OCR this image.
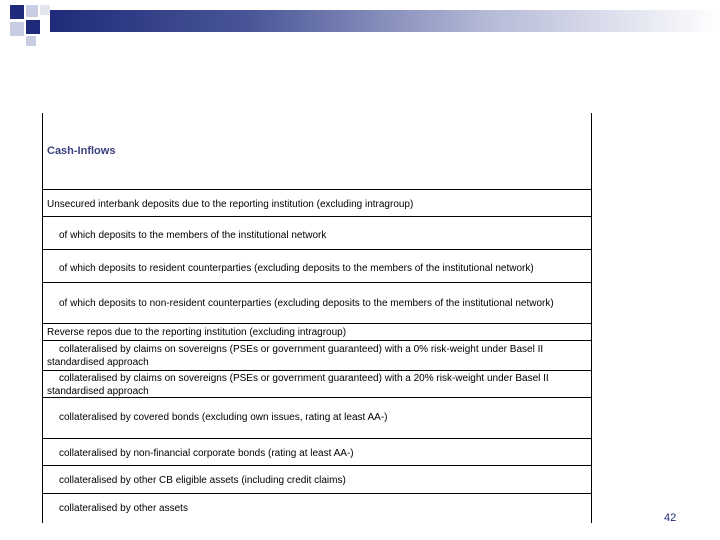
Cash-Inflows
Unsecured interbank deposits due to the reporting institution (excluding intragroup)
of which deposits to the members of the institutional network
of which deposits to resident counterparties (excluding deposits to the members of the institutional network)
of which deposits to non-resident counterparties (excluding deposits to the members of the institutional network)
Reverse repos due to the reporting institution (excluding intragroup)
collateralised by claims on sovereigns (PSEs or government guaranteed) with a 0% risk-weight under Basel II standardised approach
collateralised by claims on sovereigns (PSEs or government guaranteed) with a 20% risk-weight under Basel II standardised approach
collateralised by covered bonds (excluding own issues, rating at least AA-)
collateralised by non-financial corporate bonds (rating at least AA-)
collateralised by other CB eligible assets (including credit claims)
collateralised by other assets
42
